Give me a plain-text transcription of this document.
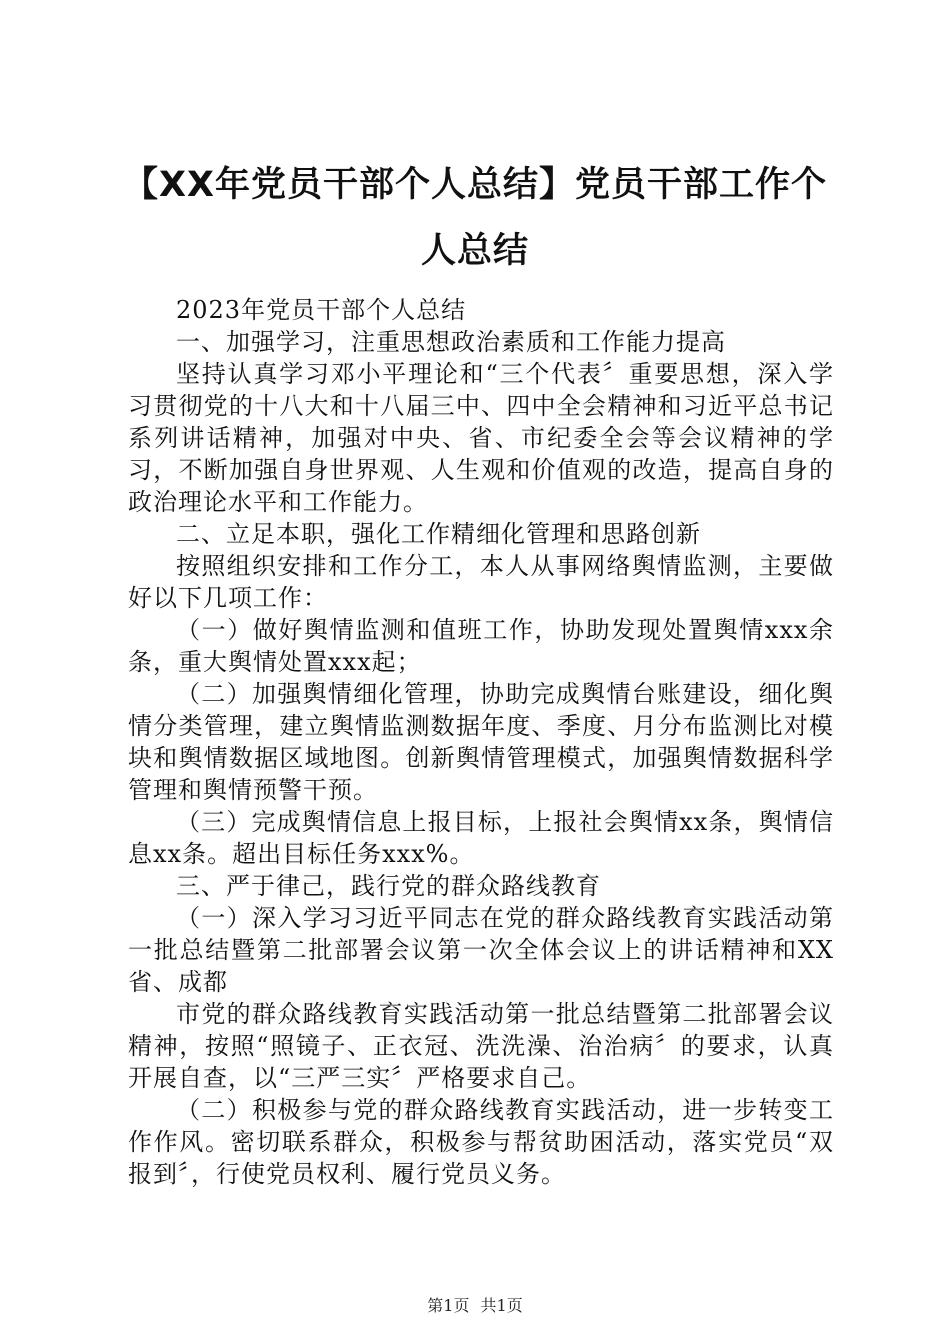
【XX年党员干部个人总结】党员干部工作个人总结

2023年党员干部个人总结

一、加强学习，注重思想政治素质和工作能力提高

坚持认真学习邓小平理论和“三个代表〞重要思想，深入学习贯彻党的十八大和十八届三中、四中全会精神和习近平总书记系列讲话精神，加强对中央、省、市纪委全会等会议精神的学习，不断加强自身世界观、人生观和价值观的改造，提高自身的政治理论水平和工作能力。

二、立足本职，强化工作精细化管理和思路创新

按照组织安排和工作分工，本人从事网络舆情监测，主要做好以下几项工作：

（一）做好舆情监测和值班工作，协助发现处置舆情xxx余条，重大舆情处置xxx起；

（二）加强舆情细化管理，协助完成舆情台账建设，细化舆情分类管理，建立舆情监测数据年度、季度、月分布监测比对模块和舆情数据区域地图。创新舆情管理模式，加强舆情数据科学管理和舆情预警干预。

（三）完成舆情信息上报目标，上报社会舆情xx条，舆情信息xx条。超出目标任务xxx%。

三、严于律己，践行党的群众路线教育

（一）深入学习习近平同志在党的群众路线教育实践活动第一批总结暨第二批部署会议第一次全体会议上的讲话精神和XX省、成都

市党的群众路线教育实践活动第一批总结暨第二批部署会议精神，按照“照镜子、正衣冠、洗洗澡、治治病〞的要求，认真开展自查，以“三严三实〞严格要求自己。

（二）积极参与党的群众路线教育实践活动，进一步转变工作作风。密切联系群众，积极参与帮贫助困活动，落实党员“双报到〞，行使党员权利、履行党员义务。

第1页 共1页
